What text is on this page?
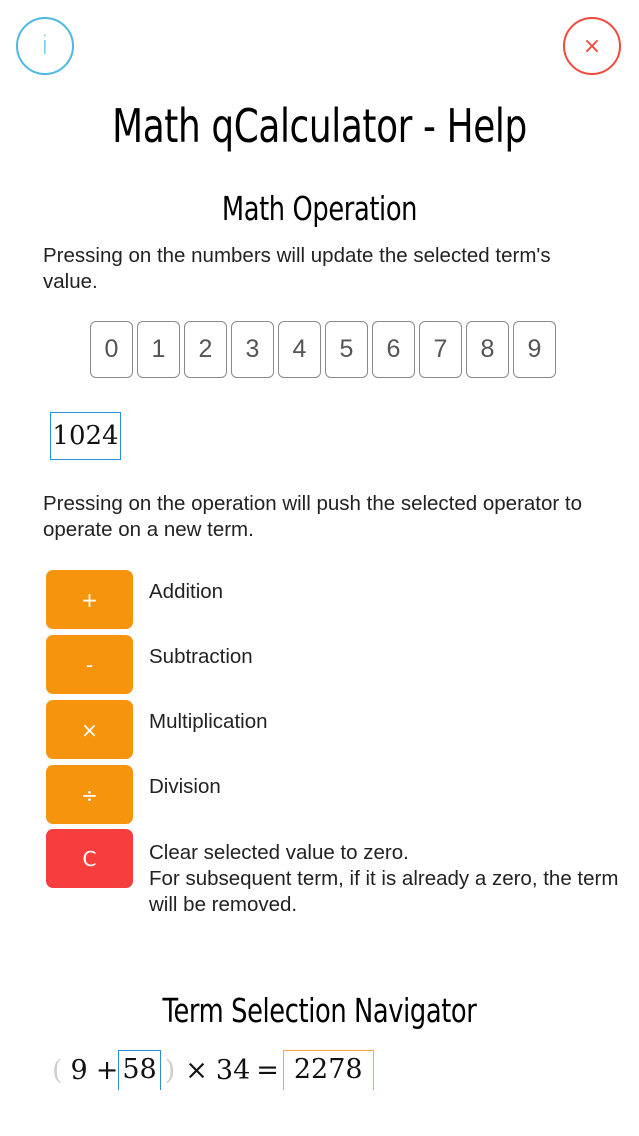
i	×
Math qCalculator - Help
Math Operation
Pressing on the numbers will update the selected term's value.
0	1	2	3	4	5	6	7	8	9
1024
Pressing on the operation will push the selected operator to operate on a new term.
+	Addition
-	Subtraction
×	Multiplication
÷	Division
C	Clear selected value to zero.
For subsequent term, if it is already a zero, the term
will be removed.
Term Selection Navigator
( 9 + 58 ) × 34 = 2278
